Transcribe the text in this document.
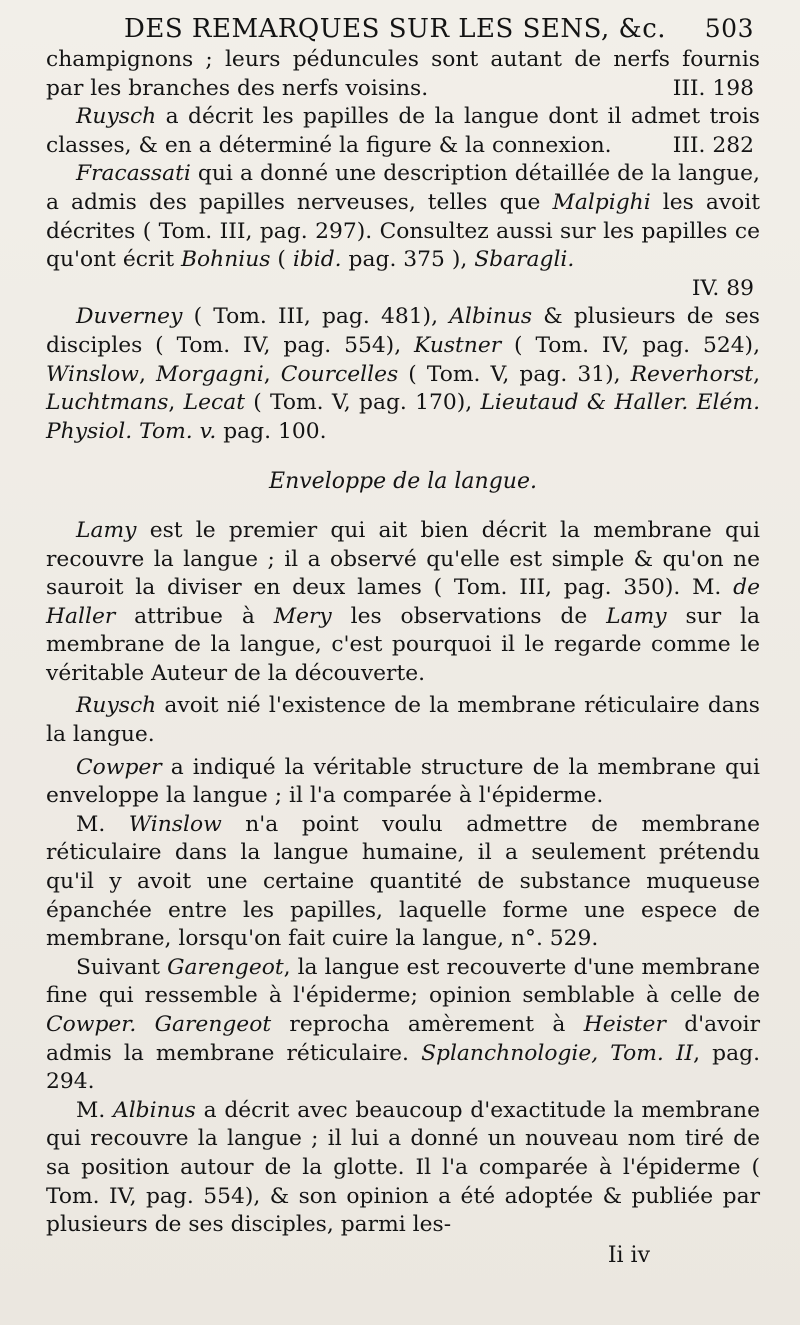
DES REMARQUES SUR LES SENS, &c. 503

champignons ; leurs péduncules sont autant de nerfs fournis par les branches des nerfs voisins.	III. 198

Ruysch a décrit les papilles de la langue dont il admet trois classes, & en a déterminé la figure & la connexion.	III. 282

Fracassati qui a donné une description détaillée de la langue, a admis des papilles nerveuses, telles que Malpighi les avoit décrites ( Tom. III, pag. 297). Consultez aussi sur les papilles ce qu'ont écrit Bohnius ( ibid. pag. 375 ), Sbaragli.

IV. 89

Duverney ( Tom. III, pag. 481), Albinus & plusieurs de ses disciples ( Tom. IV, pag. 554), Kustner ( Tom. IV, pag. 524), Winslow, Morgagni, Courcelles ( Tom. V, pag. 31), Reverhorst, Luchtmans, Lecat ( Tom. V, pag. 170), Lieutaud & Haller. Elém. Physiol. Tom. v. pag. 100.

Enveloppe de la langue.

Lamy est le premier qui ait bien décrit la membrane qui recouvre la langue ; il a observé qu'elle est simple & qu'on ne sauroit la diviser en deux lames ( Tom. III, pag. 350). M. de Haller attribue à Mery les observations de Lamy sur la membrane de la langue, c'est pourquoi il le regarde comme le véritable Auteur de la découverte.

Ruysch avoit nié l'existence de la membrane réticulaire dans la langue.

Cowper a indiqué la véritable structure de la membrane qui enveloppe la langue ; il l'a comparée à l'épiderme.

M. Winslow n'a point voulu admettre de membrane réticulaire dans la langue humaine, il a seulement prétendu qu'il y avoit une certaine quantité de substance muqueuse épanchée entre les papilles, laquelle forme une espece de membrane, lorsqu'on fait cuire la langue, n°. 529.

Suivant Garengeot, la langue est recouverte d'une membrane fine qui ressemble à l'épiderme; opinion semblable à celle de Cowper. Garengeot reprocha amèrement à Heister d'avoir admis la membrane réticulaire. Splanchnologie, Tom. II, pag. 294.

M. Albinus a décrit avec beaucoup d'exactitude la membrane qui recouvre la langue ; il lui a donné un nouveau nom tiré de sa position autour de la glotte. Il l'a comparée à l'épiderme ( Tom. IV, pag. 554), & son opinion a été adoptée & publiée par plusieurs de ses disciples, parmi les-

Ii iv
